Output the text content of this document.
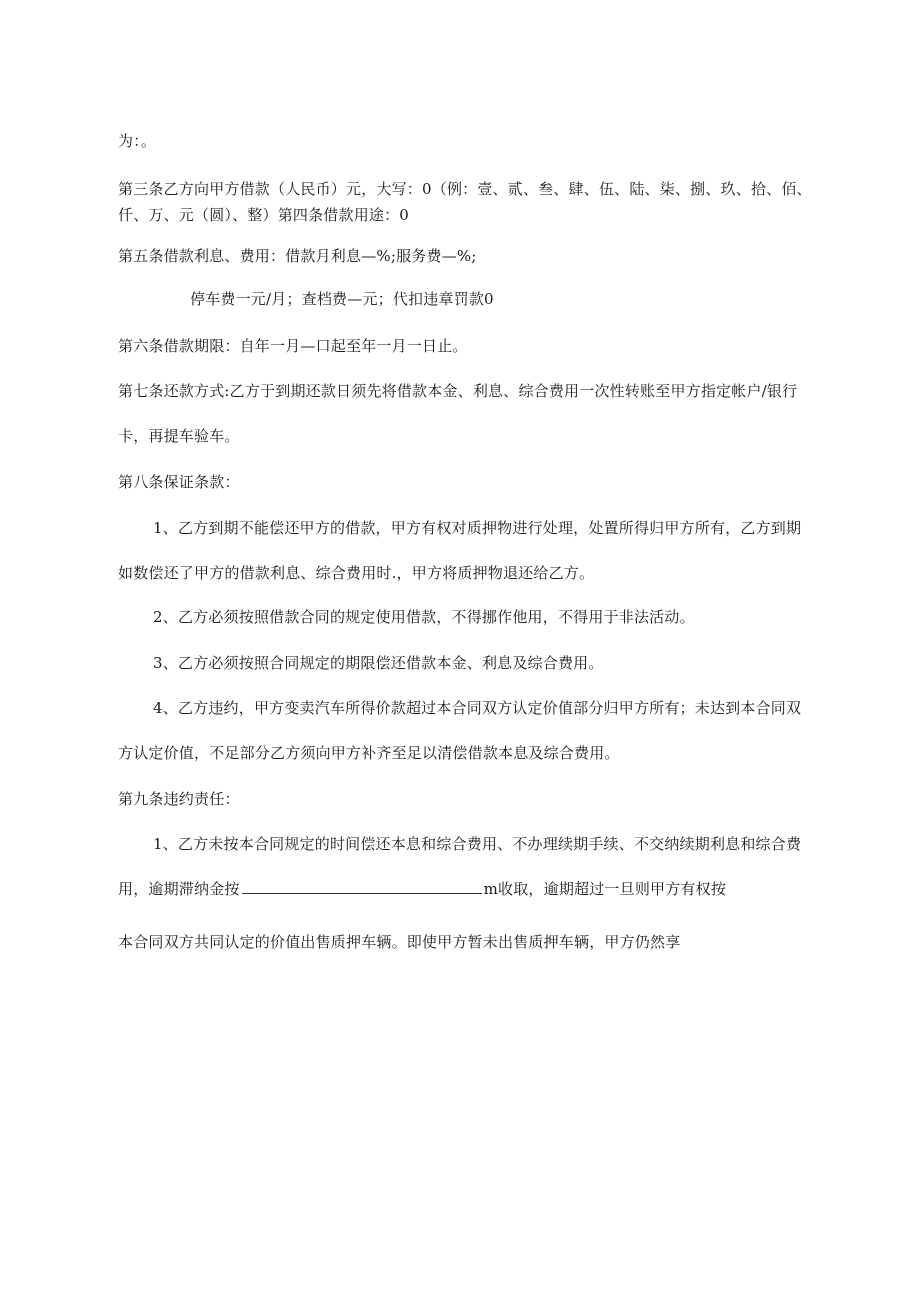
为：。
第三条乙方向甲方借款（人民币）元，大写：0（例：壹、贰、叁、肆、伍、陆、柒、捌、玖、拾、佰、
仟、万、元（圆）、整）第四条借款用途：0
第五条借款利息、费用：借款月利息—%;服务费—%;
停车费一元/月；查档费—元；代扣违章罚款0
第六条借款期限：自年一月—口起至年一月一日止。
第七条还款方式:乙方于到期还款日须先将借款本金、利息、综合费用一次性转账至甲方指定帐户/银行
卡，再提车验车。
第八条保证条款：
1、乙方到期不能偿还甲方的借款，甲方有权对质押物进行处理，处置所得归甲方所有，乙方到期
如数偿还了甲方的借款利息、综合费用时.，甲方将质押物退还给乙方。
2、乙方必须按照借款合同的规定使用借款，不得挪作他用，不得用于非法活动。
3、乙方必须按照合同规定的期限偿还借款本金、利息及综合费用。
4、乙方违约，甲方变卖汽车所得价款超过本合同双方认定价值部分归甲方所有；未达到本合同双
方认定价值，不足部分乙方须向甲方补齐至足以清偿借款本息及综合费用。
第九条违约责任：
1、乙方未按本合同规定的时间偿还本息和综合费用、不办理续期手续、不交纳续期利息和综合费
用，逾期滞纳金按	m收取，逾期超过一旦则甲方有权按
本合同双方共同认定的价值出售质押车辆。即使甲方暂未出售质押车辆，甲方仍然享
